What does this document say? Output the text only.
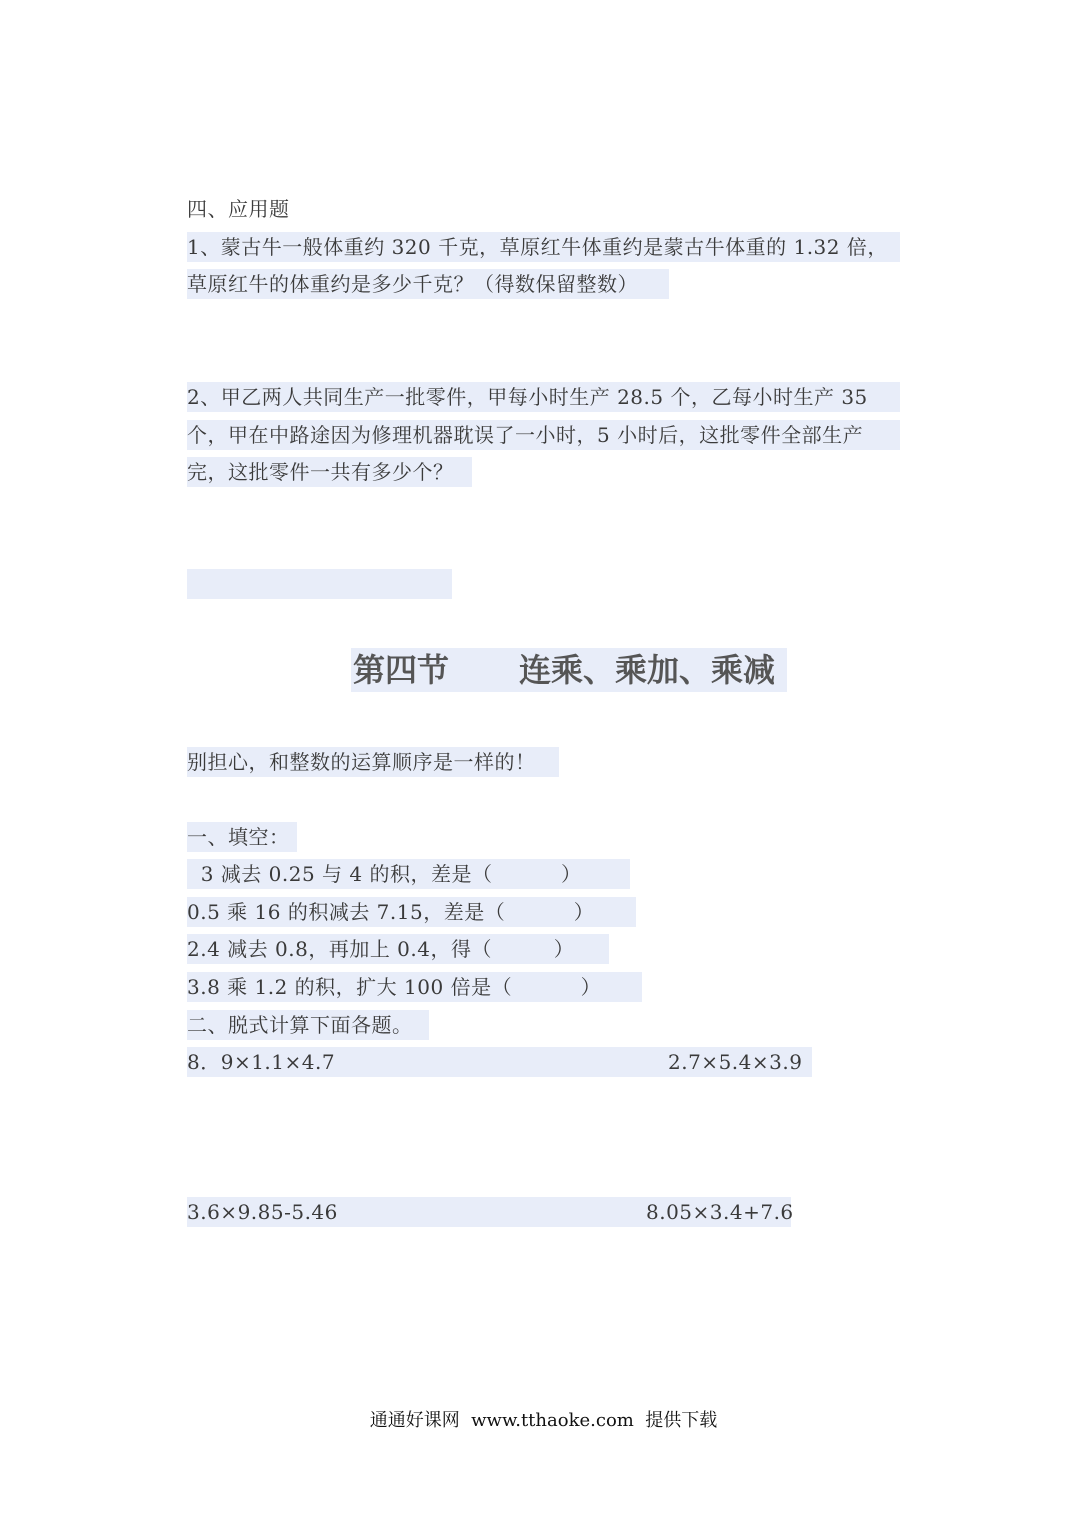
四、应用题
1、蒙古牛一般体重约 320 千克，草原红牛体重约是蒙古牛体重的 1.32 倍，
草原红牛的体重约是多少千克？（得数保留整数）
2、甲乙两人共同生产一批零件，甲每小时生产 28.5 个，乙每小时生产 35
个，甲在中路途因为修理机器耽误了一小时，5 小时后，这批零件全部生产
完，这批零件一共有多少个？

第四节

连乘、乘加、乘减

别担心，和整数的运算顺序是一样的！
一、填空：
3 减去 0.25 与 4 的积，差是（          ）
0.5 乘 16 的积减去 7.15，差是（          ）
2.4 减去 0.8，再加上 0.4，得（         ）
3.8 乘 1.2 的积，扩大 100 倍是（          ）
二、脱式计算下面各题。
8．9×1.1×4.7	2.7×5.4×3.9
3.6×9.85-5.46	8.05×3.4+7.6
通通好课网  www.tthaoke.com  提供下载
